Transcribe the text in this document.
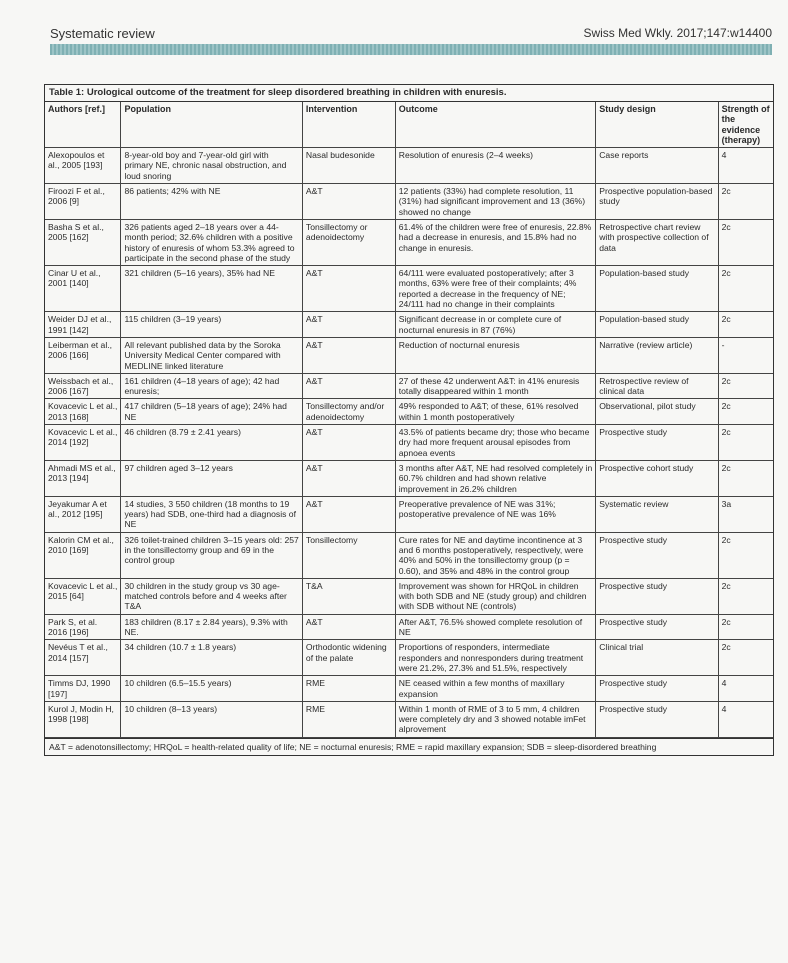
Systematic review	Swiss Med Wkly. 2017;147:w14400
Table 1: Urological outcome of the treatment for sleep disordered breathing in children with enuresis.
Authors [ref.]	Population	Intervention	Outcome	Study design	Strength of the evidence (therapy)
Alexopoulos et al., 2005 [193]	8-year-old boy and 7-year-old girl with primary NE, chronic nasal obstruction, and loud snoring	Nasal budesonide	Resolution of enuresis (2–4 weeks)	Case reports	4
Firoozi F et al., 2006 [9]	86 patients; 42% with NE	A&T	12 patients (33%) had complete resolution, 11 (31%) had significant improvement and 13 (36%) showed no change	Prospective population-based study	2c
Basha S et al., 2005 [162]	326 patients aged 2–18 years over a 44-month period; 32.6% children with a positive history of enuresis of whom 53.3% agreed to participate in the second phase of the study	Tonsillectomy or adenoidectomy	61.4% of the children were free of enuresis, 22.8% had a decrease in enuresis, and 15.8% had no change in enuresis.	Retrospective chart review with prospective collection of data	2c
Cinar U et al., 2001 [140]	321 children (5–16 years), 35% had NE	A&T	64/111 were evaluated postoperatively; after 3 months, 63% were free of their complaints; 4% reported a decrease in the frequency of NE; 24/111 had no change in their complaints	Population-based study	2c
Weider DJ et al., 1991 [142]	115 children (3–19 years)	A&T	Significant decrease in or complete cure of nocturnal enuresis in 87 (76%)	Population-based study	2c
Leiberman et al., 2006 [166]	All relevant published data by the Soroka University Medical Center compared with MEDLINE linked literature	A&T	Reduction of nocturnal enuresis	Narrative (review article)	-
Weissbach et al., 2006 [167]	161 children (4–18 years of age); 42 had enuresis;	A&T	27 of these 42 underwent A&T: in 41% enuresis totally disappeared within 1 month	Retrospective review of clinical data	2c
Kovacevic L et al., 2013 [168]	417 children (5–18 years of age); 24% had NE	Tonsillectomy and/or adenoidectomy	49% responded to A&T; of these, 61% resolved within 1 month postoperatively	Observational, pilot study	2c
Kovacevic L et al., 2014 [192]	46 children (8.79 ± 2.41 years)	A&T	43.5% of patients became dry; those who became dry had more frequent arousal episodes from apnoea events	Prospective study	2c
Ahmadi MS et al., 2013 [194]	97 children aged 3–12 years	A&T	3 months after A&T, NE had resolved completely in 60.7% children and had shown relative improvement in 26.2% children	Prospective cohort study	2c
Jeyakumar A et al., 2012 [195]	14 studies, 3 550 children (18 months to 19 years) had SDB, one-third had a diagnosis of NE	A&T	Preoperative prevalence of NE was 31%; postoperative prevalence of NE was 16%	Systematic review	3a
Kalorin CM et al., 2010 [169]	326 toilet-trained children 3–15 years old: 257 in the tonsillectomy group and 69 in the control group	Tonsillectomy	Cure rates for NE and daytime incontinence at 3 and 6 months postoperatively, respectively, were 40% and 50% in the tonsillectomy group (p = 0.60), and 35% and 48% in the control group	Prospective study	2c
Kovacevic L et al., 2015 [64]	30 children in the study group vs 30 age-matched controls before and 4 weeks after T&A	T&A	Improvement was shown for HRQoL in children with both SDB and NE (study group) and children with SDB without NE (controls)	Prospective study	2c
Park S, et al. 2016 [196]	183 children (8.17 ± 2.84 years), 9.3% with NE.	A&T	After A&T, 76.5% showed complete resolution of NE	Prospective study	2c
Nevéus T et al., 2014 [157]	34 children (10.7 ± 1.8 years)	Orthodontic widening of the palate	Proportions of responders, intermediate responders and nonresponders during treatment were 21.2%, 27.3% and 51.5%, respectively	Clinical trial	2c
Timms DJ, 1990 [197]	10 children (6.5–15.5 years)	RME	NE ceased within a few months of maxillary expansion	Prospective study	4
Kurol J, Modin H, 1998 [198]	10 children (8–13 years)	RME	Within 1 month of RME of 3 to 5 mm, 4 children were completely dry and 3 showed notable imFet alprovement	Prospective study	4
A&T = adenotonsillectomy; HRQoL = health-related quality of life; NE = nocturnal enuresis; RME = rapid maxillary expansion; SDB = sleep-disordered breathing
